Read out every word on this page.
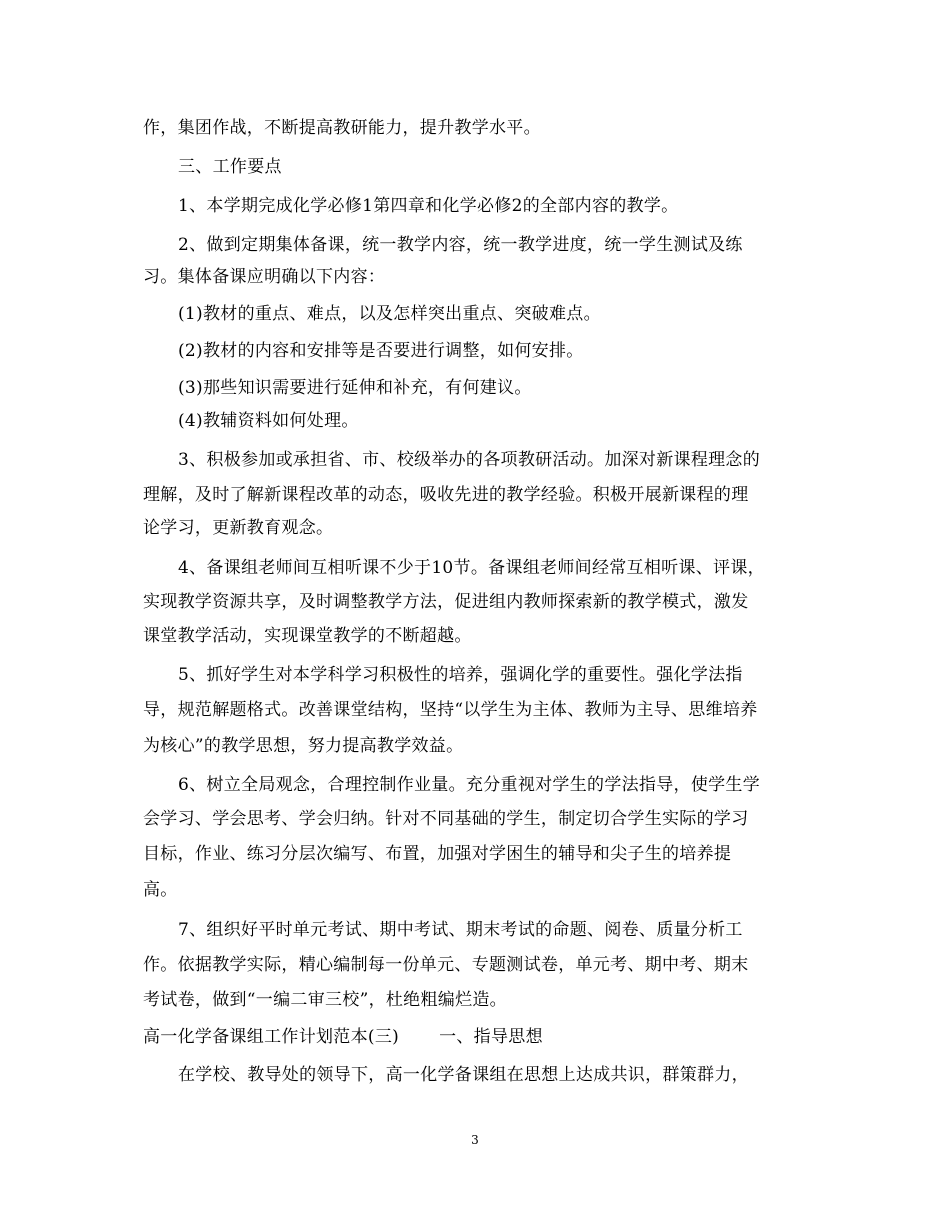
作，集团作战，不断提高教研能力，提升教学水平。
三、工作要点
1、本学期完成化学必修1第四章和化学必修2的全部内容的教学。
2、做到定期集体备课，统一教学内容，统一教学进度，统一学生测试及练
习。集体备课应明确以下内容：
(1)教材的重点、难点，以及怎样突出重点、突破难点。
(2)教材的内容和安排等是否要进行调整，如何安排。
(3)那些知识需要进行延伸和补充，有何建议。
(4)教辅资料如何处理。
3、积极参加或承担省、市、校级举办的各项教研活动。加深对新课程理念的
理解，及时了解新课程改革的动态，吸收先进的教学经验。积极开展新课程的理
论学习，更新教育观念。
4、备课组老师间互相听课不少于10节。备课组老师间经常互相听课、评课，
实现教学资源共享，及时调整教学方法，促进组内教师探索新的教学模式，激发
课堂教学活动，实现课堂教学的不断超越。
5、抓好学生对本学科学习积极性的培养，强调化学的重要性。强化学法指
导，规范解题格式。改善课堂结构，坚持“以学生为主体、教师为主导、思维培养
为核心”的教学思想，努力提高教学效益。
6、树立全局观念，合理控制作业量。充分重视对学生的学法指导，使学生学
会学习、学会思考、学会归纳。针对不同基础的学生，制定切合学生实际的学习
目标，作业、练习分层次编写、布置，加强对学困生的辅导和尖子生的培养提
高。
7、组织好平时单元考试、期中考试、期末考试的命题、阅卷、质量分析工
作。依据教学实际，精心编制每一份单元、专题测试卷，单元考、期中考、期末
考试卷，做到“一编二审三校”，杜绝粗编烂造。
高一化学备课组工作计划范本(三) 一、指导思想
在学校、教导处的领导下，高一化学备课组在思想上达成共识，群策群力，
3
